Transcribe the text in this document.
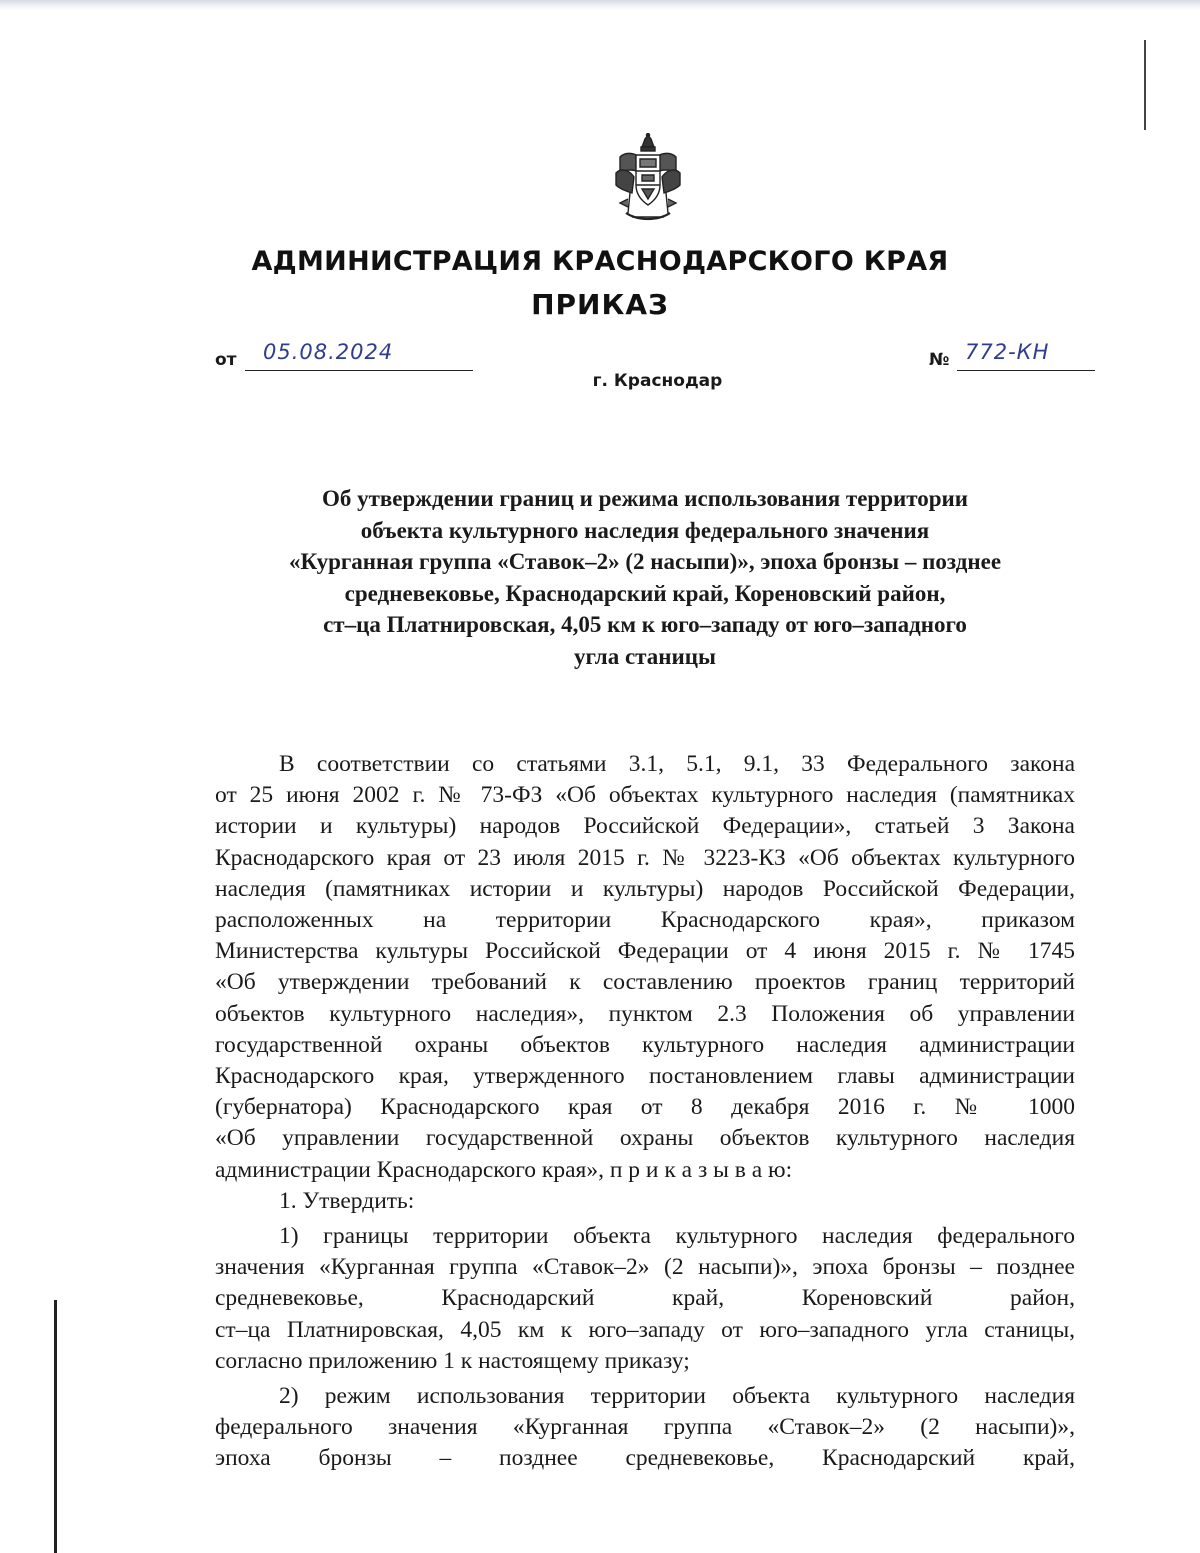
АДМИНИСТРАЦИЯ КРАСНОДАРСКОГО КРАЯ
ПРИКАЗ
от 05.08.2024
г. Краснодар
№ 772-КН
Об утверждении границ и режима использования территории
объекта культурного наследия федерального значения
«Курганная группа «Ставок–2» (2 насыпи)», эпоха бронзы – позднее
средневековье, Краснодарский край, Кореновский район,
ст–ца Платнировская, 4,05 км к юго–западу от юго–западного
угла станицы
В соответствии со статьями 3.1, 5.1, 9.1, 33 Федерального закона
от 25 июня 2002 г. № 73-ФЗ «Об объектах культурного наследия (памятниках
истории и культуры) народов Российской Федерации», статьей 3 Закона
Краснодарского края от 23 июля 2015 г. № 3223-КЗ «Об объектах культурного
наследия (памятниках истории и культуры) народов Российской Федерации,
расположенных на территории Краснодарского края», приказом
Министерства культуры Российской Федерации от 4 июня 2015 г. № 1745
«Об утверждении требований к составлению проектов границ территорий
объектов культурного наследия», пунктом 2.3 Положения об управлении
государственной охраны объектов культурного наследия администрации
Краснодарского края, утвержденного постановлением главы администрации
(губернатора) Краснодарского края от 8 декабря 2016 г. № 1000
«Об управлении государственной охраны объектов культурного наследия
администрации Краснодарского края», п р и к а з ы в а ю:
1. Утвердить:
1) границы территории объекта культурного наследия федерального
значения «Курганная группа «Ставок–2» (2 насыпи)», эпоха бронзы – позднее
средневековье, Краснодарский край, Кореновский район,
ст–ца Платнировская, 4,05 км к юго–западу от юго–западного угла станицы,
согласно приложению 1 к настоящему приказу;
2) режим использования территории объекта культурного наследия
федерального значения «Курганная группа «Ставок–2» (2 насыпи)»,
эпоха бронзы – позднее средневековье, Краснодарский край,
